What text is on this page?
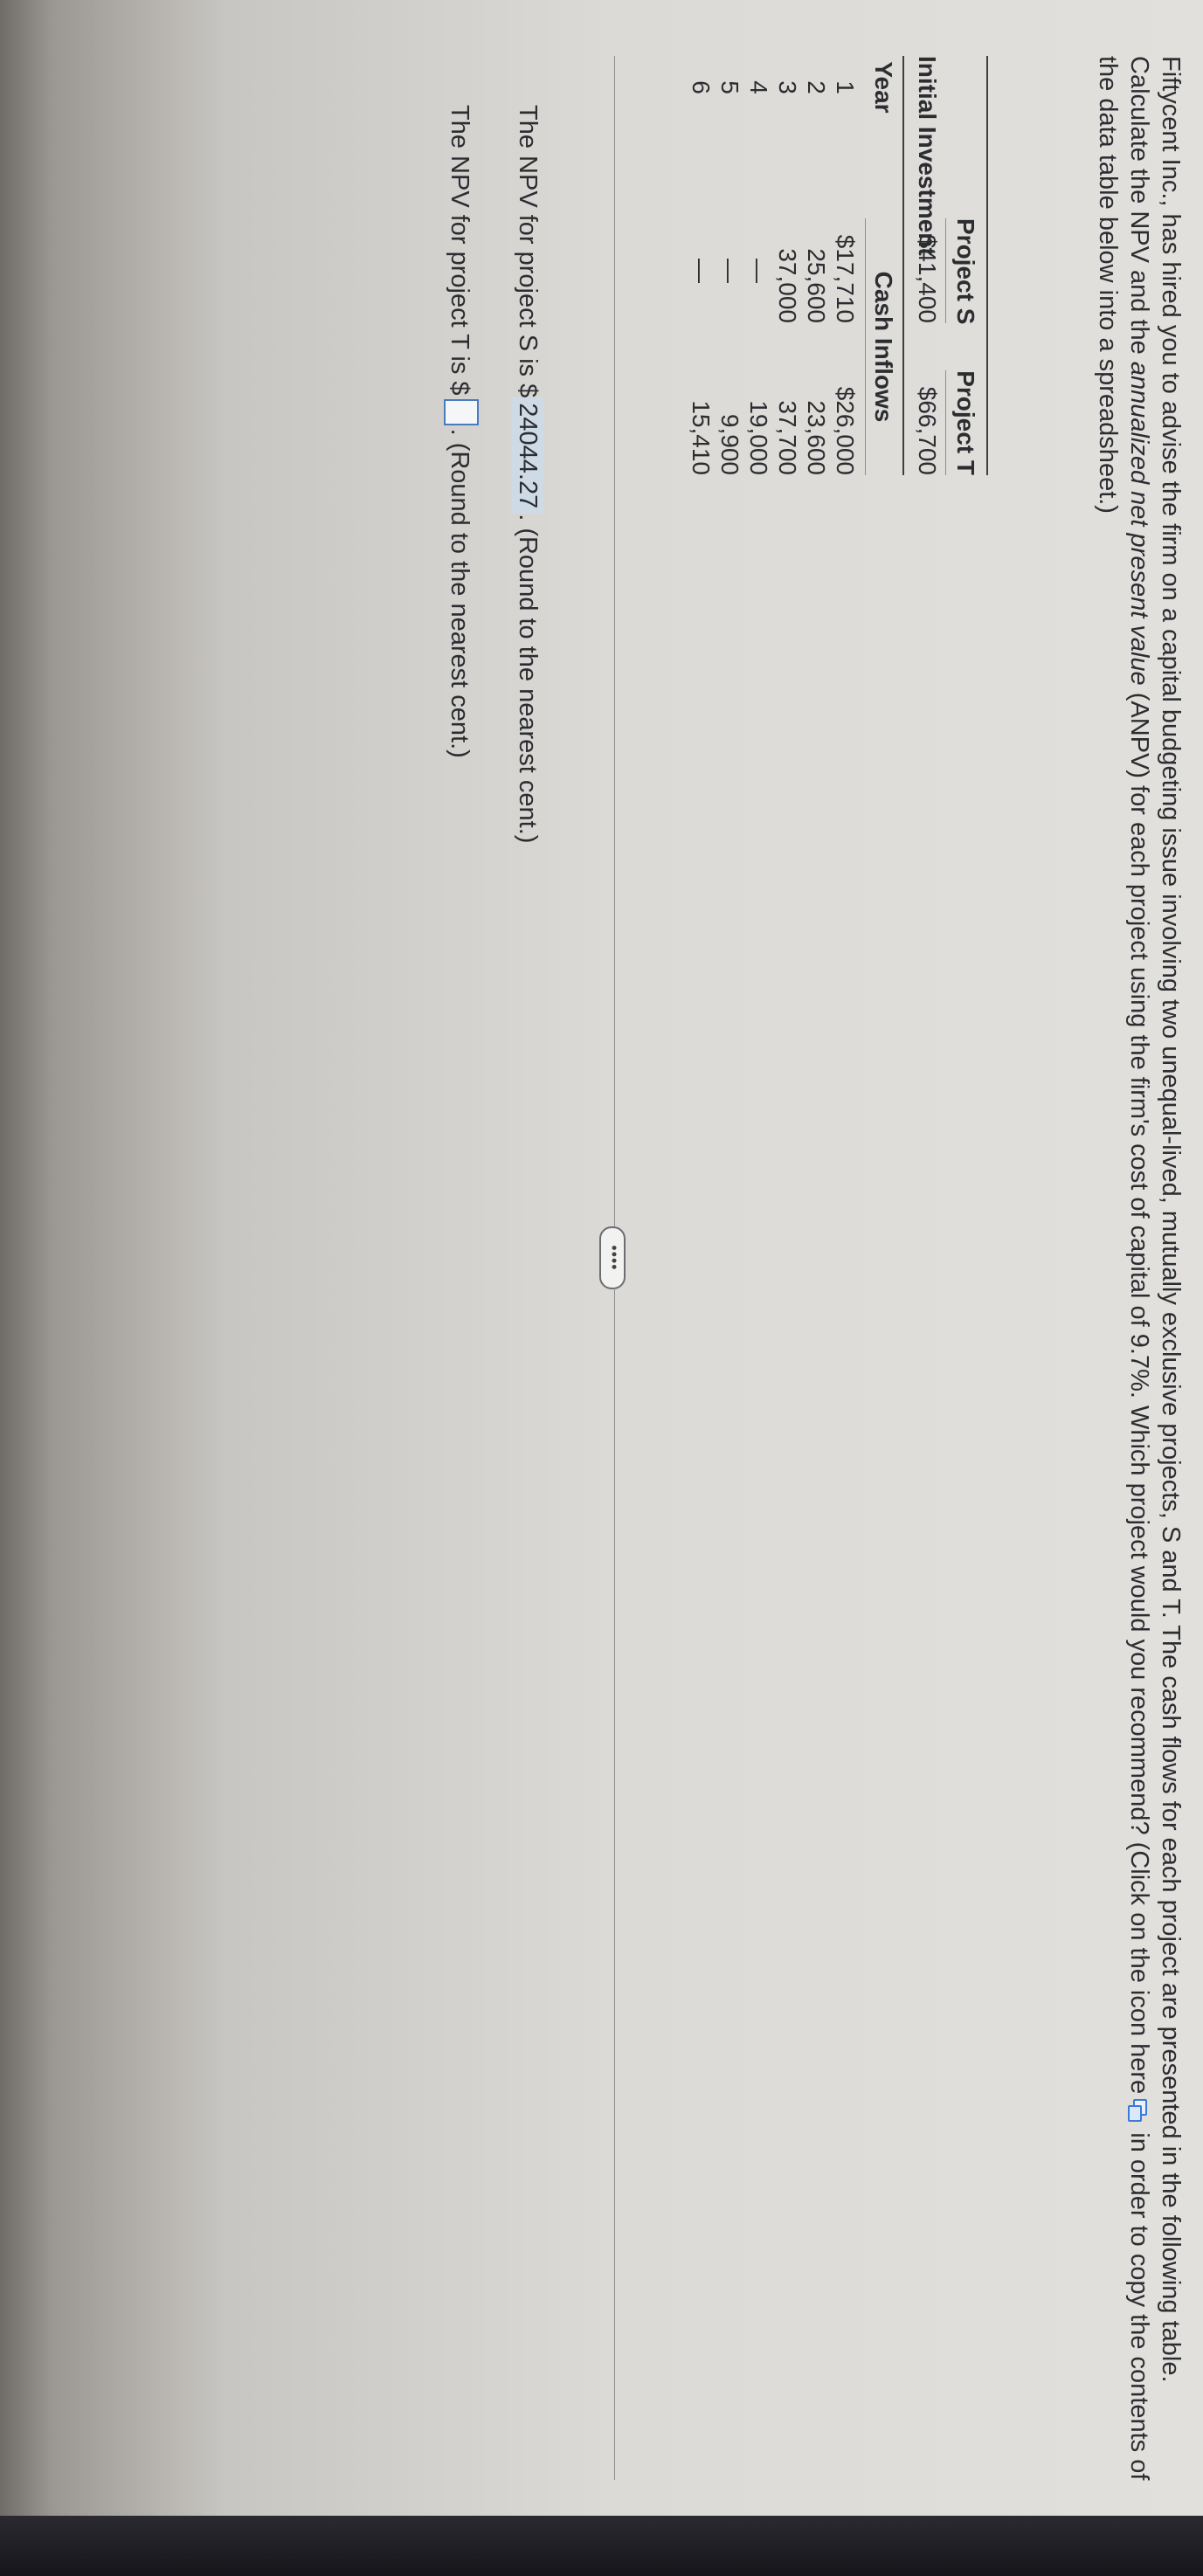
Fiftycent Inc., has hired you to advise the firm on a capital budgeting issue involving two unequal-lived, mutually exclusive projects, S and T. The cash flows for each project are presented in the following table. Calculate the NPV and the annualized net present value (ANPV) for each project using the firm's cost of capital of 9.7%. Which project would you recommend? (Click on the icon here
in order to copy the contents of the data table below into a spreadsheet.)
Project S
Project T
Initial Investment
$41,400
$66,700
Year
Cash Inflows
1
$17,710
$26,000
2
25,600
23,600
3
37,000
37,700
4
—
19,000
5
—
9,900
6
—
15,410
••••
The NPV for project S is $24044.27. (Round to the nearest cent.)
The NPV for project T is $. (Round to the nearest cent.)
